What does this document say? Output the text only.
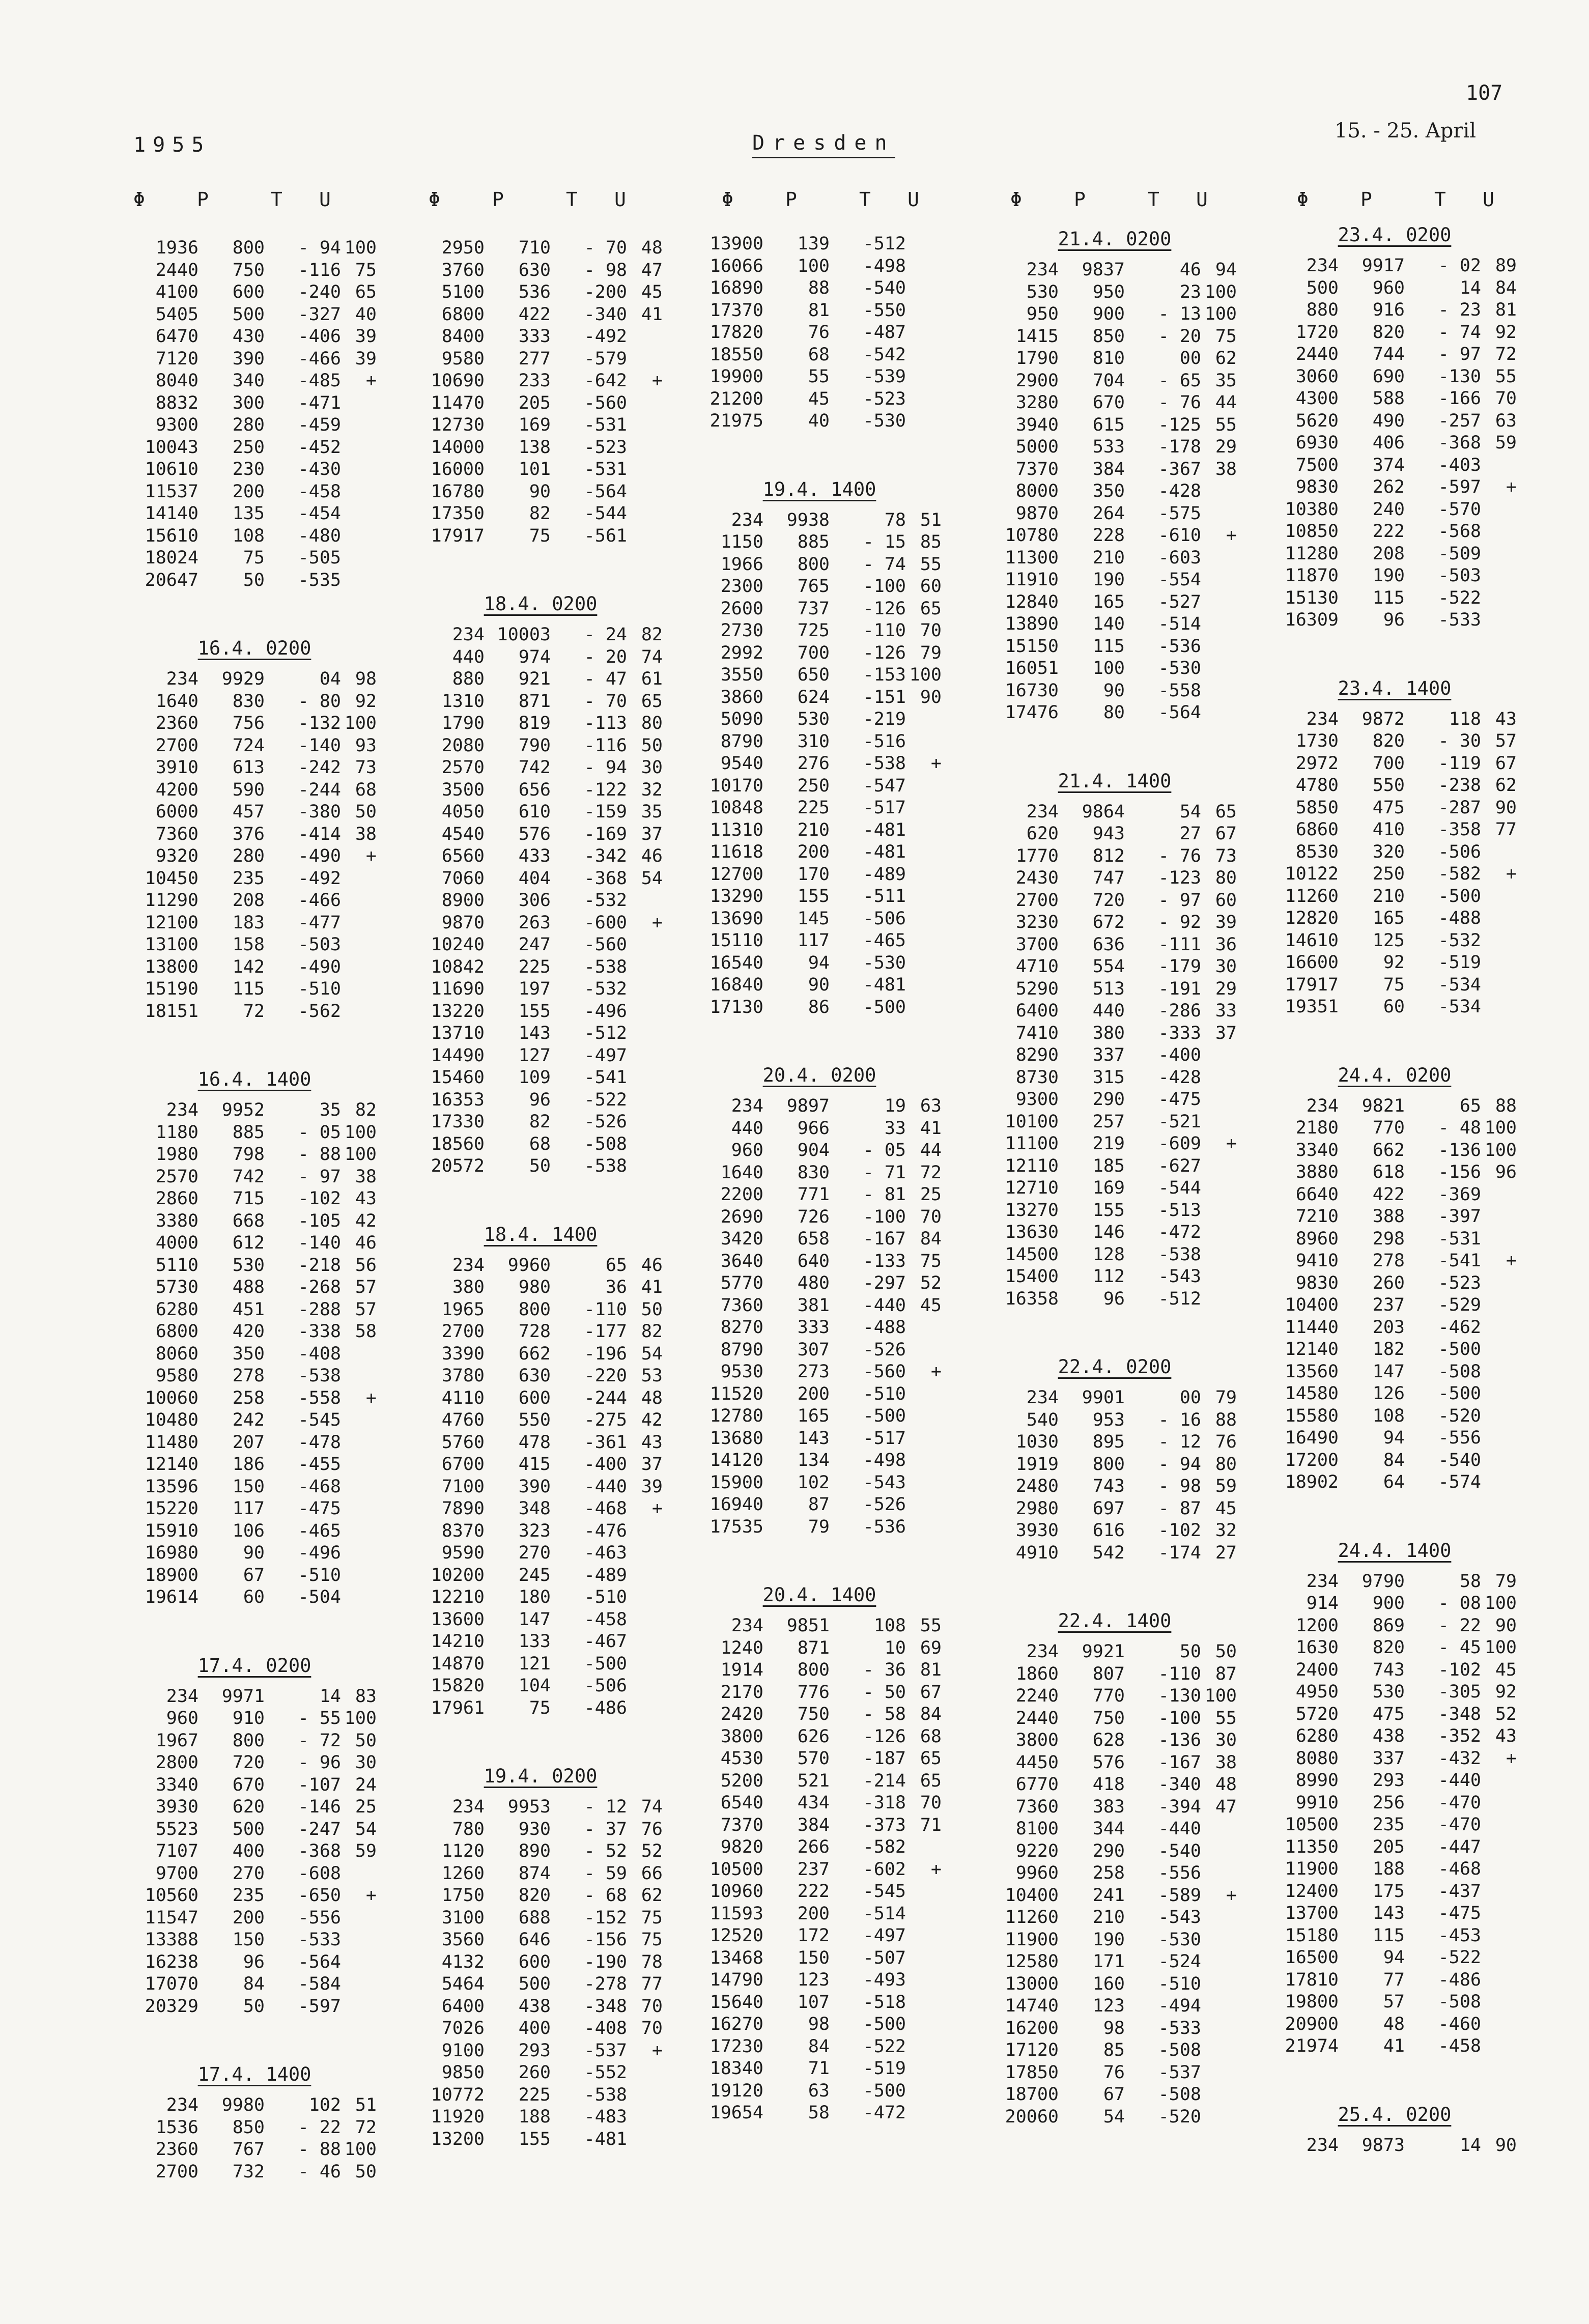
107
1955	Dresden
15. - 25. April
Φ	P	T U	Φ	P	T U	Φ	P	T U	Φ	P	T U	Φ	P	T U
1936	800	- 94	100	
2440	750	-116	75	
4100	600	-240	65	
5405	500	-327	40	
6470	430	-406	39	
7120	390	-466	39	
8040	340	-485	+	
8832	300	-471		
9300	280	-459		
10043	250	-452		
10610	230	-430		
11537	200	-458		
14140	135	-454		
15610	108	-480		
18024	75	-505		
20647	50	-535		
16.4. 0200
234	9929	04	98	
1640	830	- 80	92	
2360	756	-132	100	
2700	724	-140	93	
3910	613	-242	73	
4200	590	-244	68	
6000	457	-380	50	
7360	376	-414	38	
9320	280	-490	+	
10450	235	-492		
11290	208	-466		
12100	183	-477		
13100	158	-503		
13800	142	-490		
15190	115	-510		
18151	72	-562		
16.4. 1400
234	9952	35	82	
1180	885	- 05	100	
1980	798	- 88	100	
2570	742	- 97	38	
2860	715	-102	43	
3380	668	-105	42	
4000	612	-140	46	
5110	530	-218	56	
5730	488	-268	57	
6280	451	-288	57	
6800	420	-338	58	
8060	350	-408		
9580	278	-538		
10060	258	-558	+	
10480	242	-545		
11480	207	-478		
12140	186	-455		
13596	150	-468		
15220	117	-475		
15910	106	-465		
16980	90	-496		
18900	67	-510		
19614	60	-504		
17.4. 0200
234	9971	14	83	
960	910	- 55	100	
1967	800	- 72	50	
2800	720	- 96	30	
3340	670	-107	24	
3930	620	-146	25	
5523	500	-247	54	
7107	400	-368	59	
9700	270	-608		
10560	235	-650	+	
11547	200	-556		
13388	150	-533		
16238	96	-564		
17070	84	-584		
20329	50	-597		
17.4. 1400
234	9980	102	51	
1536	850	- 22	72	
2360	767	- 88	100	
2700	732	- 46	50	
2950	710	- 70	48	
3760	630	- 98	47	
5100	536	-200	45	
6800	422	-340	41	
8400	333	-492		
9580	277	-579		
10690	233	-642	+	
11470	205	-560		
12730	169	-531		
14000	138	-523		
16000	101	-531		
16780	90	-564		
17350	82	-544		
17917	75	-561		
18.4. 0200
234	10003	- 24	82	
440	974	- 20	74	
880	921	- 47	61	
1310	871	- 70	65	
1790	819	-113	80	
2080	790	-116	50	
2570	742	- 94	30	
3500	656	-122	32	
4050	610	-159	35	
4540	576	-169	37	
6560	433	-342	46	
7060	404	-368	54	
8900	306	-532		
9870	263	-600	+	
10240	247	-560		
10842	225	-538		
11690	197	-532		
13220	155	-496		
13710	143	-512		
14490	127	-497		
15460	109	-541		
16353	96	-522		
17330	82	-526		
18560	68	-508		
20572	50	-538		
18.4. 1400
234	9960	65	46	
380	980	36	41	
1965	800	-110	50	
2700	728	-177	82	
3390	662	-196	54	
3780	630	-220	53	
4110	600	-244	48	
4760	550	-275	42	
5760	478	-361	43	
6700	415	-400	37	
7100	390	-440	39	
7890	348	-468	+	
8370	323	-476		
9590	270	-463		
10200	245	-489		
12210	180	-510		
13600	147	-458		
14210	133	-467		
14870	121	-500		
15820	104	-506		
17961	75	-486		
19.4. 0200
234	9953	- 12	74	
780	930	- 37	76	
1120	890	- 52	52	
1260	874	- 59	66	
1750	820	- 68	62	
3100	688	-152	75	
3560	646	-156	75	
4132	600	-190	78	
5464	500	-278	77	
6400	438	-348	70	
7026	400	-408	70	
9100	293	-537	+	
9850	260	-552		
10772	225	-538		
11920	188	-483		
13200	155	-481		
13900	139	-512		
16066	100	-498		
16890	88	-540		
17370	81	-550		
17820	76	-487		
18550	68	-542		
19900	55	-539		
21200	45	-523		
21975	40	-530		
19.4. 1400
234	9938	78	51	
1150	885	- 15	85	
1966	800	- 74	55	
2300	765	-100	60	
2600	737	-126	65	
2730	725	-110	70	
2992	700	-126	79	
3550	650	-153	100	
3860	624	-151	90	
5090	530	-219		
8790	310	-516		
9540	276	-538	+	
10170	250	-547		
10848	225	-517		
11310	210	-481		
11618	200	-481		
12700	170	-489		
13290	155	-511		
13690	145	-506		
15110	117	-465		
16540	94	-530		
16840	90	-481		
17130	86	-500		
20.4. 0200
234	9897	19	63	
440	966	33	41	
960	904	- 05	44	
1640	830	- 71	72	
2200	771	- 81	25	
2690	726	-100	70	
3420	658	-167	84	
3640	640	-133	75	
5770	480	-297	52	
7360	381	-440	45	
8270	333	-488		
8790	307	-526		
9530	273	-560	+	
11520	200	-510		
12780	165	-500		
13680	143	-517		
14120	134	-498		
15900	102	-543		
16940	87	-526		
17535	79	-536		
20.4. 1400
234	9851	108	55	
1240	871	10	69	
1914	800	- 36	81	
2170	776	- 50	67	
2420	750	- 58	84	
3800	626	-126	68	
4530	570	-187	65	
5200	521	-214	65	
6540	434	-318	70	
7370	384	-373	71	
9820	266	-582		
10500	237	-602	+	
10960	222	-545		
11593	200	-514		
12520	172	-497		
13468	150	-507		
14790	123	-493		
15640	107	-518		
16270	98	-500		
17230	84	-522		
18340	71	-519		
19120	63	-500		
19654	58	-472		
21.4. 0200
234	9837	46	94	
530	950	23	100	
950	900	- 13	100	
1415	850	- 20	75	
1790	810	00	62	
2900	704	- 65	35	
3280	670	- 76	44	
3940	615	-125	55	
5000	533	-178	29	
7370	384	-367	38	
8000	350	-428		
9870	264	-575		
10780	228	-610	+	
11300	210	-603		
11910	190	-554		
12840	165	-527		
13890	140	-514		
15150	115	-536		
16051	100	-530		
16730	90	-558		
17476	80	-564		
21.4. 1400
234	9864	54	65	
620	943	27	67	
1770	812	- 76	73	
2430	747	-123	80	
2700	720	- 97	60	
3230	672	- 92	39	
3700	636	-111	36	
4710	554	-179	30	
5290	513	-191	29	
6400	440	-286	33	
7410	380	-333	37	
8290	337	-400		
8730	315	-428		
9300	290	-475		
10100	257	-521		
11100	219	-609	+	
12110	185	-627		
12710	169	-544		
13270	155	-513		
13630	146	-472		
14500	128	-538		
15400	112	-543		
16358	96	-512		
22.4. 0200
234	9901	00	79	
540	953	- 16	88	
1030	895	- 12	76	
1919	800	- 94	80	
2480	743	- 98	59	
2980	697	- 87	45	
3930	616	-102	32	
4910	542	-174	27	
22.4. 1400
234	9921	50	50	
1860	807	-110	87	
2240	770	-130	100	
2440	750	-100	55	
3800	628	-136	30	
4450	576	-167	38	
6770	418	-340	48	
7360	383	-394	47	
8100	344	-440		
9220	290	-540		
9960	258	-556		
10400	241	-589	+	
11260	210	-543		
11900	190	-530		
12580	171	-524		
13000	160	-510		
14740	123	-494		
16200	98	-533		
17120	85	-508		
17850	76	-537		
18700	67	-508		
20060	54	-520		
23.4. 0200
234	9917	- 02	89	
500	960	14	84	
880	916	- 23	81	
1720	820	- 74	92	
2440	744	- 97	72	
3060	690	-130	55	
4300	588	-166	70	
5620	490	-257	63	
6930	406	-368	59	
7500	374	-403		
9830	262	-597	+	
10380	240	-570		
10850	222	-568		
11280	208	-509		
11870	190	-503		
15130	115	-522		
16309	96	-533		
23.4. 1400
234	9872	118	43	
1730	820	- 30	57	
2972	700	-119	67	
4780	550	-238	62	
5850	475	-287	90	
6860	410	-358	77	
8530	320	-506		
10122	250	-582	+	
11260	210	-500		
12820	165	-488		
14610	125	-532		
16600	92	-519		
17917	75	-534		
19351	60	-534		
24.4. 0200
234	9821	65	88	
2180	770	- 48	100	
3340	662	-136	100	
3880	618	-156	96	
6640	422	-369		
7210	388	-397		
8960	298	-531		
9410	278	-541	+	
9830	260	-523		
10400	237	-529		
11440	203	-462		
12140	182	-500		
13560	147	-508		
14580	126	-500		
15580	108	-520		
16490	94	-556		
17200	84	-540		
18902	64	-574		
24.4. 1400
234	9790	58	79	
914	900	- 08	100	
1200	869	- 22	90	
1630	820	- 45	100	
2400	743	-102	45	
4950	530	-305	92	
5720	475	-348	52	
6280	438	-352	43	
8080	337	-432	+	
8990	293	-440		
9910	256	-470		
10500	235	-470		
11350	205	-447		
11900	188	-468		
12400	175	-437		
13700	143	-475		
15180	115	-453		
16500	94	-522		
17810	77	-486		
19800	57	-508		
20900	48	-460		
21974	41	-458		
25.4. 0200
234	9873	14	90	
